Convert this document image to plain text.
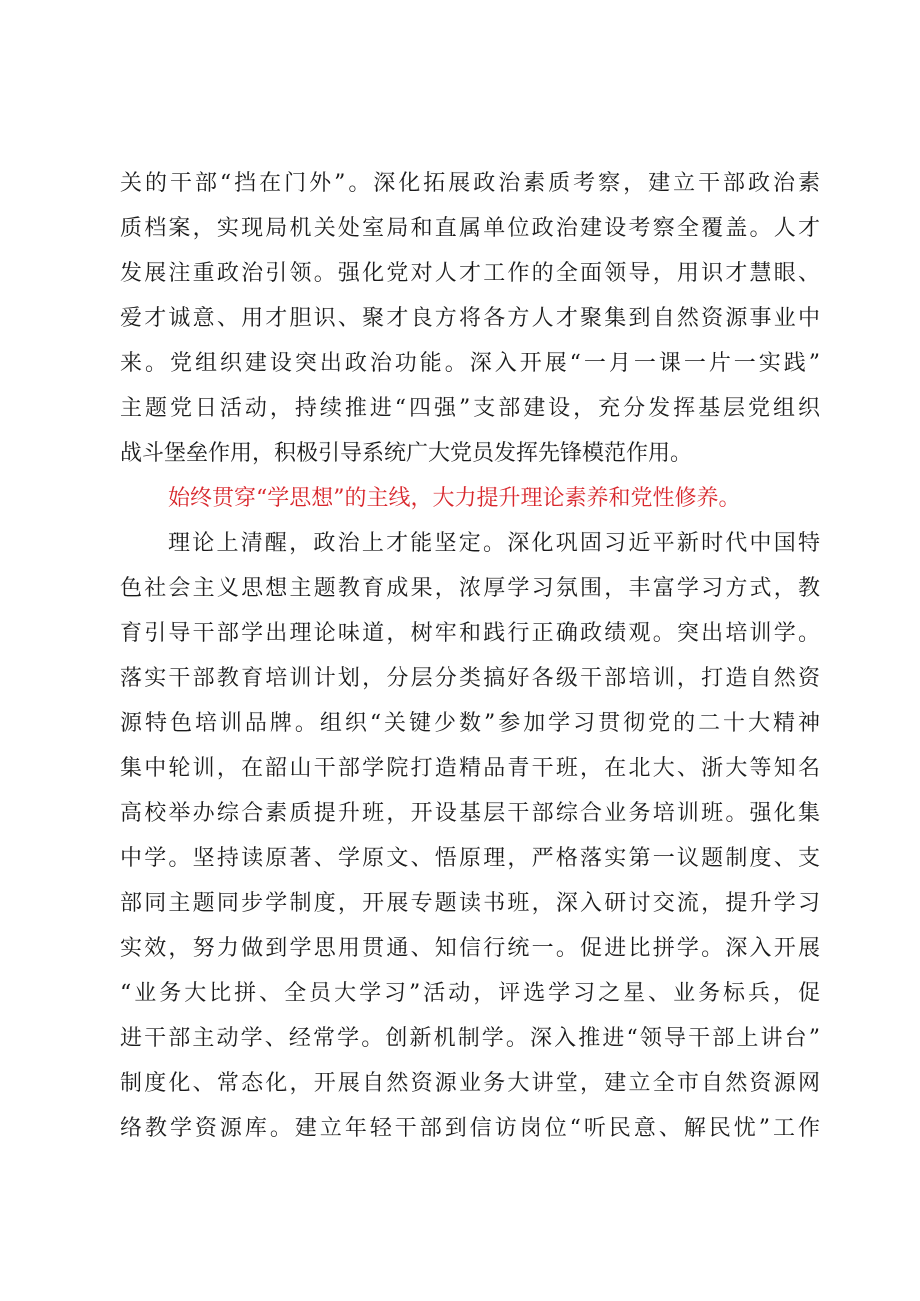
关的干部“挡在门外”。深化拓展政治素质考察，建立干部政治素

质档案，实现局机关处室局和直属单位政治建设考察全覆盖。人才

发展注重政治引领。强化党对人才工作的全面领导，用识才慧眼、

爱才诚意、用才胆识、聚才良方将各方人才聚集到自然资源事业中

来。党组织建设突出政治功能。深入开展“一月一课一片一实践”

主题党日活动，持续推进“四强”支部建设，充分发挥基层党组织

战斗堡垒作用，积极引导系统广大党员发挥先锋模范作用。

始终贯穿“学思想”的主线，大力提升理论素养和党性修养。

理论上清醒，政治上才能坚定。深化巩固习近平新时代中国特

色社会主义思想主题教育成果，浓厚学习氛围，丰富学习方式，教

育引导干部学出理论味道，树牢和践行正确政绩观。突出培训学。

落实干部教育培训计划，分层分类搞好各级干部培训，打造自然资

源特色培训品牌。组织“关键少数”参加学习贯彻党的二十大精神

集中轮训，在韶山干部学院打造精品青干班，在北大、浙大等知名

高校举办综合素质提升班，开设基层干部综合业务培训班。强化集

中学。坚持读原著、学原文、悟原理，严格落实第一议题制度、支

部同主题同步学制度，开展专题读书班，深入研讨交流，提升学习

实效，努力做到学思用贯通、知信行统一。促进比拼学。深入开展

“业务大比拼、全员大学习”活动，评选学习之星、业务标兵，促

进干部主动学、经常学。创新机制学。深入推进“领导干部上讲台”

制度化、常态化，开展自然资源业务大讲堂，建立全市自然资源网

络教学资源库。建立年轻干部到信访岗位“听民意、解民忧”工作
